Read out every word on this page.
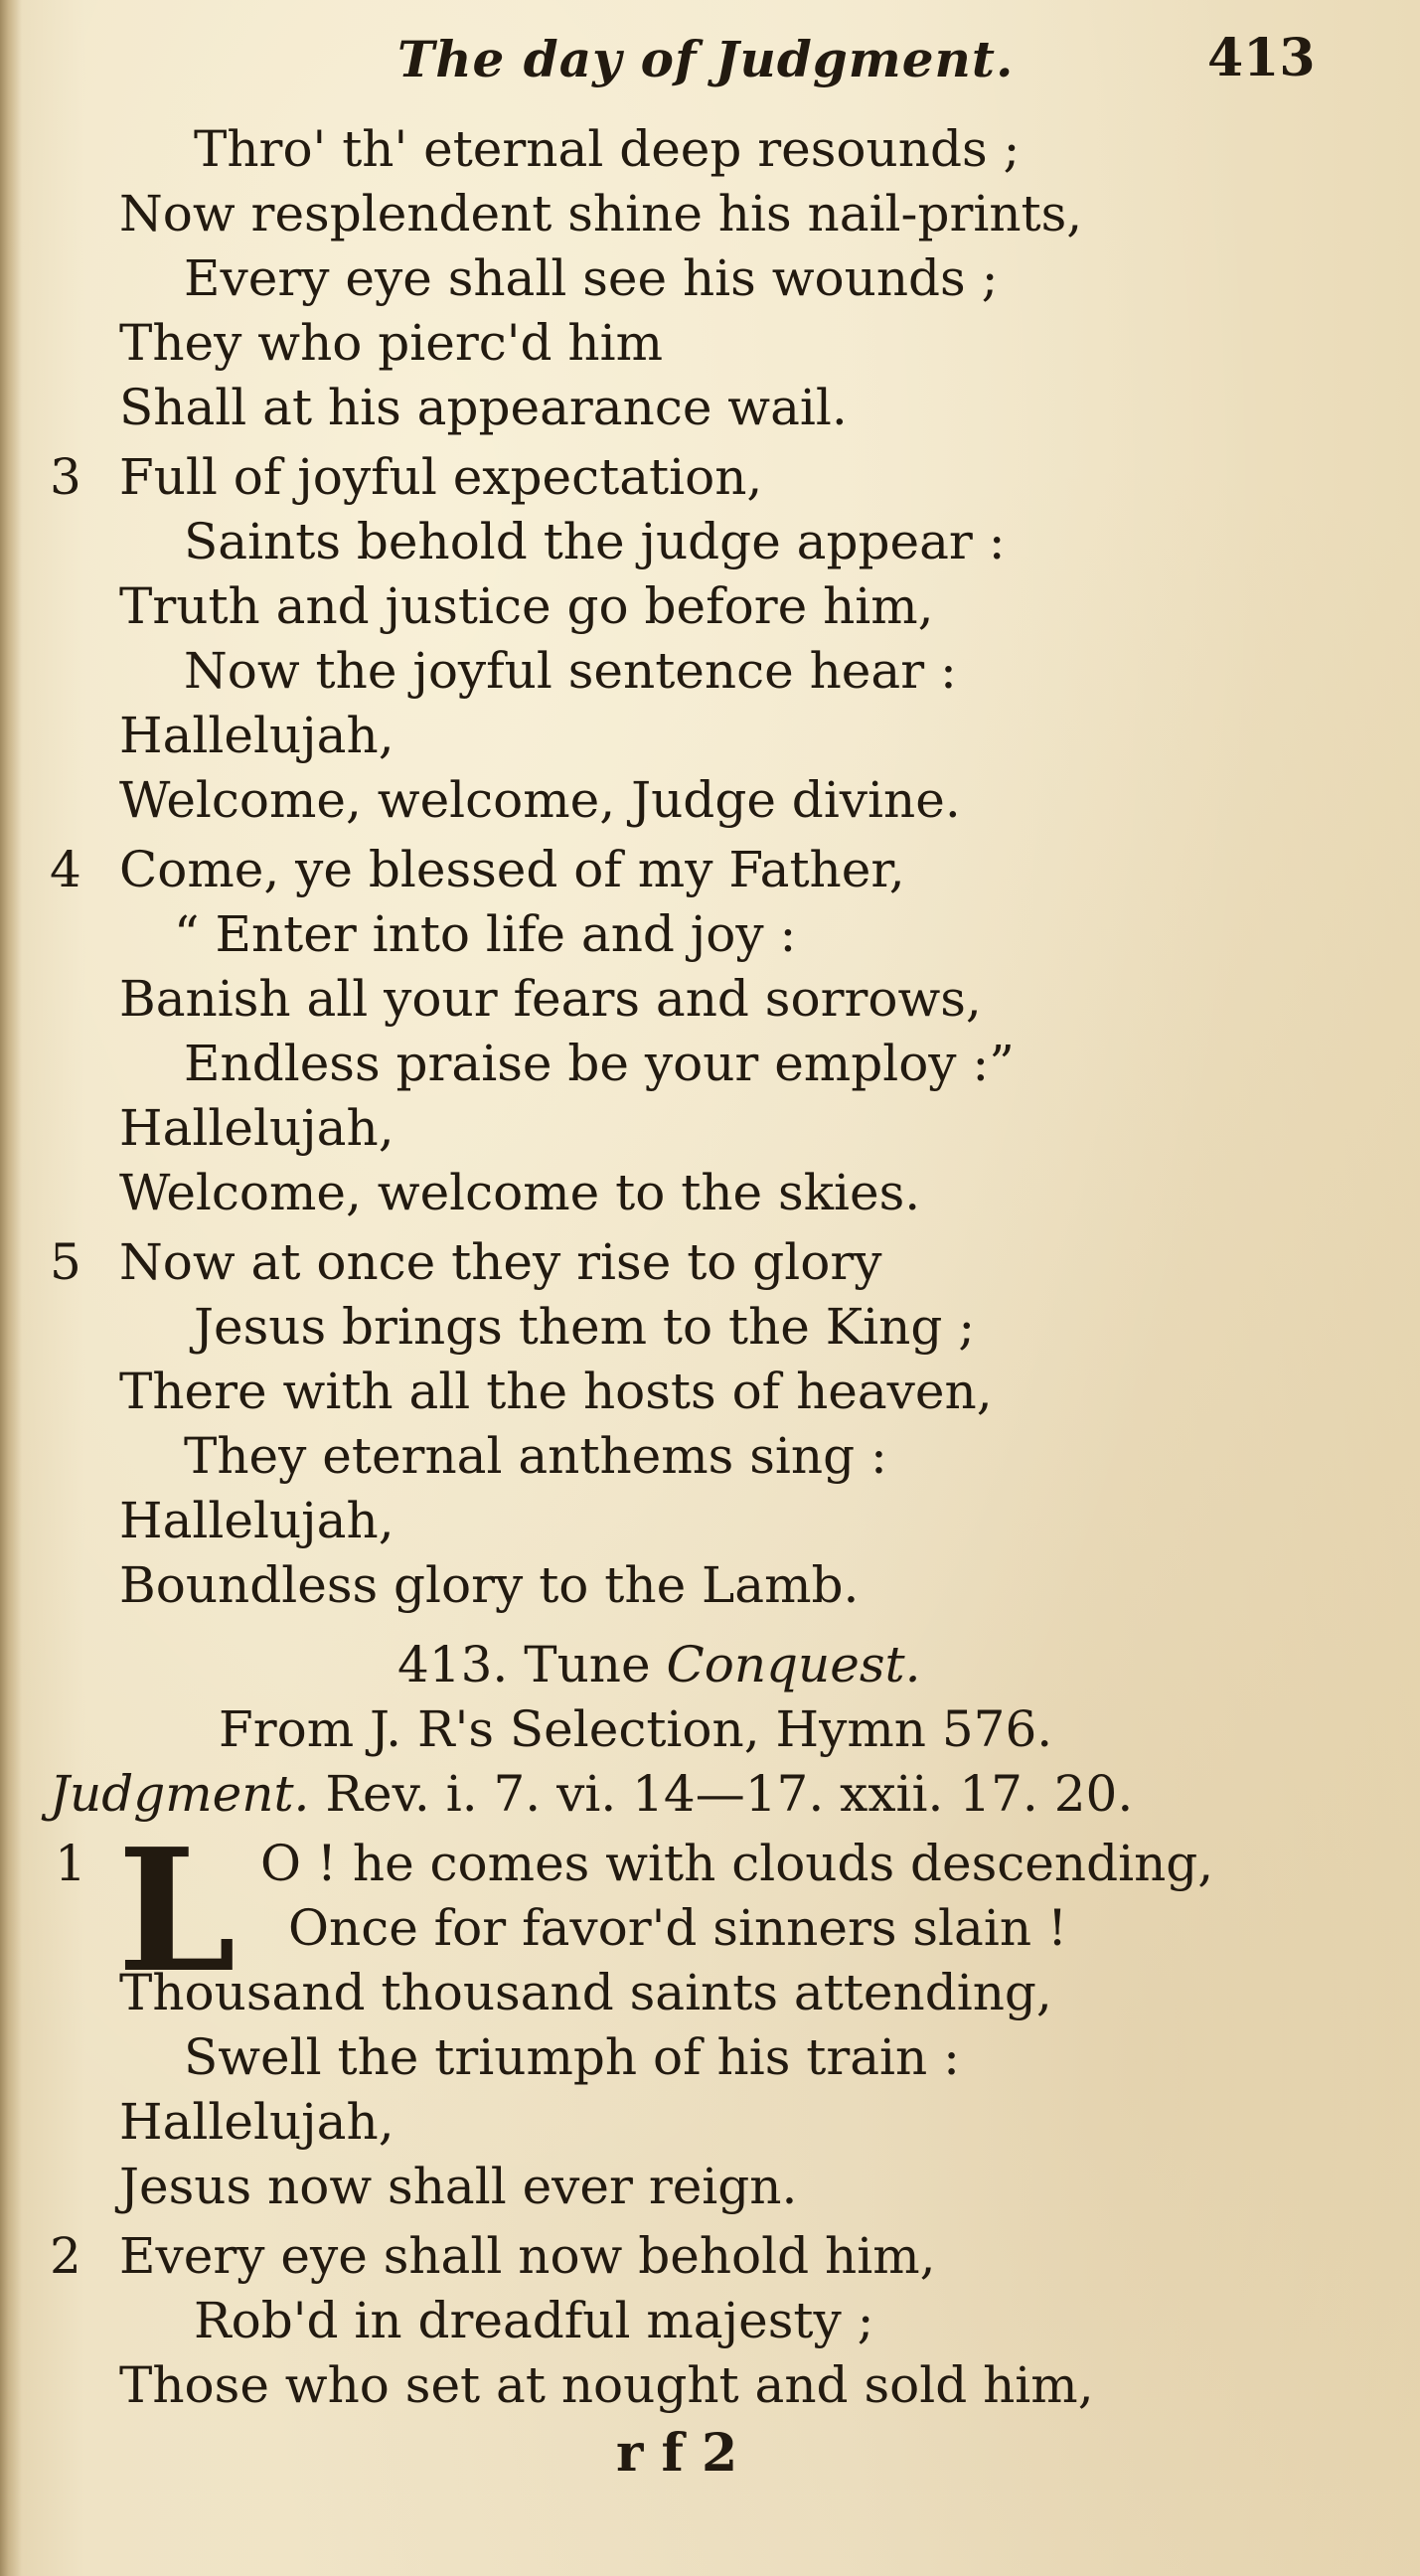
The day of Judgment.	413
Thro' th' eternal deep resounds ;
Now resplendent shine his nail-prints,
Every eye shall see his wounds ;
They who pierc'd him
Shall at his appearance wail.
3 Full of joyful expectation,
Saints behold the judge appear :
Truth and justice go before him,
Now the joyful sentence hear :
Hallelujah,
Welcome, welcome, Judge divine.
4 Come, ye blessed of my Father,
“ Enter into life and joy :
Banish all your fears and sorrows,
Endless praise be your employ :”
Hallelujah,
Welcome, welcome to the skies.
5 Now at once they rise to glory
Jesus brings them to the King ;
There with all the hosts of heaven,
They eternal anthems sing :
Hallelujah,
Boundless glory to the Lamb.
413. Tune Conquest.
From J. R's Selection, Hymn 576.
Judgment. Rev. i. 7. vi. 14—17. xxii. 17. 20.
1 L O ! he comes with clouds descending,
Once for favor'd sinners slain !
Thousand thousand saints attending,
Swell the triumph of his train :
Hallelujah,
Jesus now shall ever reign.
2 Every eye shall now behold him,
Rob'd in dreadful majesty ;
Those who set at nought and sold him,
r f 2
